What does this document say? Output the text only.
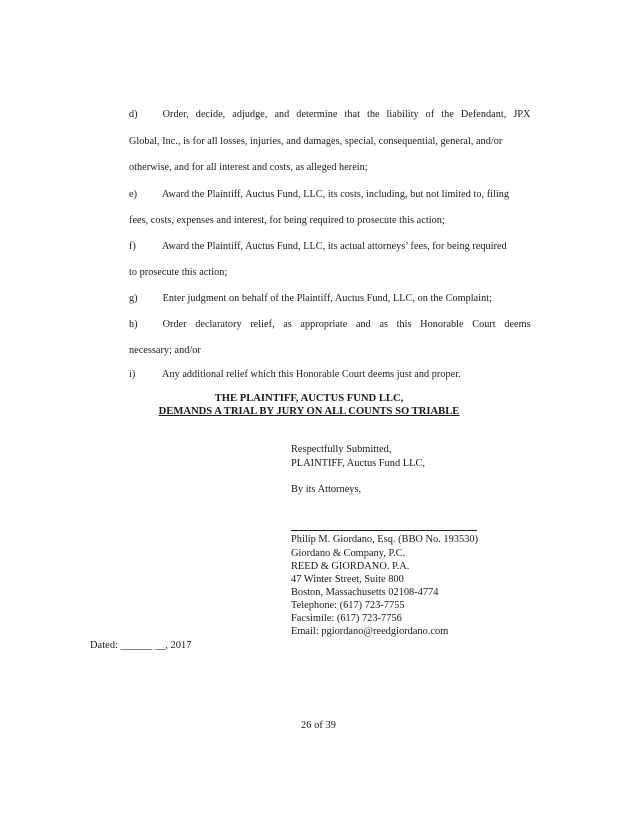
d) Order, decide, adjudge, and determine that the liability of the Defendant, JPX
Global, Inc., is for all losses, injuries, and damages, special, consequential, general, and/or
otherwise, and for all interest and costs, as alleged herein;
e) Award the Plaintiff, Auctus Fund, LLC, its costs, including, but not limited to, filing
fees, costs, expenses and interest, for being required to prosecute this action;
f)	Award the Plaintiff, Auctus Fund, LLC, its actual attorneys’ fees, for being required
to prosecute this action;
g) Enter judgment on behalf of the Plaintiff, Auctus Fund, LLC, on the Complaint;
h) Order declaratory relief, as appropriate and as this Honorable Court deems
necessary; and/or
i)	Any additional relief which this Honorable Court deems just and proper.
THE PLAINTIFF, AUCTUS FUND LLC,
DEMANDS A TRIAL BY JURY ON ALL COUNTS SO TRIABLE
Respectfully Submitted,
PLAINTIFF, Auctus Fund LLC,
By its Attorneys,
Philip M. Giordano, Esq. (BBO No. 193530)
Giordano & Company, P.C.
REED & GIORDANO. P.A.
47 Winter Street, Suite 800
Boston, Massachusetts 02108-4774
Telephone: (617) 723-7755
Facsimile: (617) 723-7756
Email: pgiordano@reedgiordano.com
Dated: ______ __, 2017
26 of 39
